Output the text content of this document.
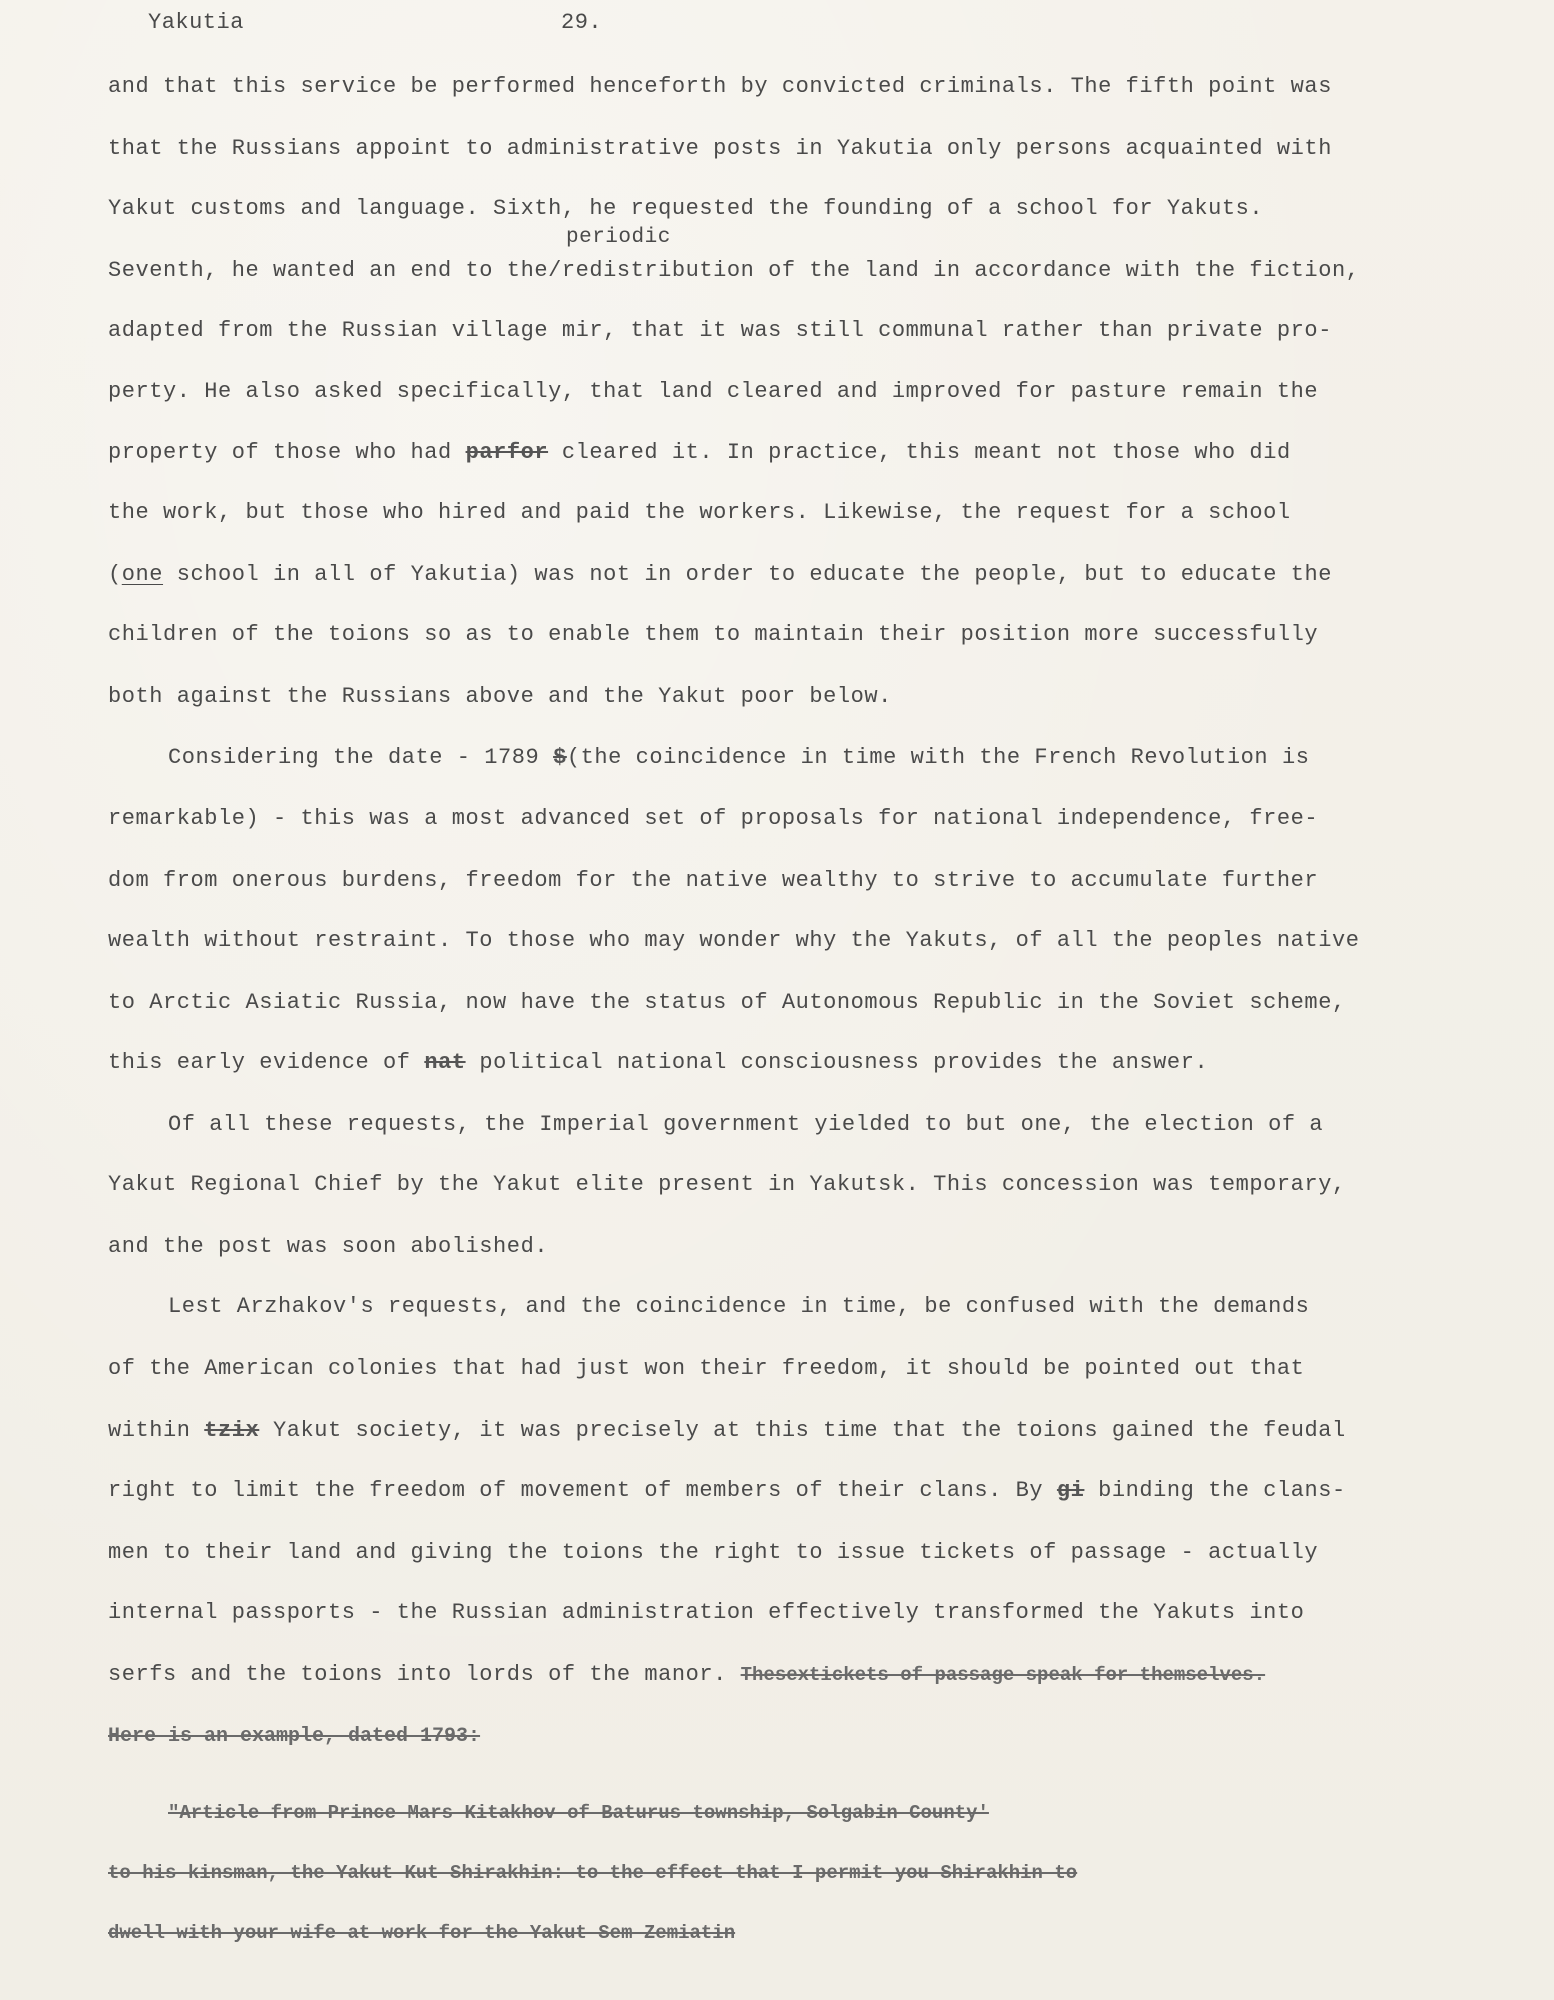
Yakutia	29.
periodic
and that this service be performed henceforth by convicted criminals. The fifth point was
that the Russians appoint to administrative posts in Yakutia only persons acquainted with
Yakut customs and language. Sixth, he requested the founding of a school for Yakuts.
Seventh, he wanted an end to the/redistribution of the land in accordance with the fiction,
adapted from the Russian village mir, that it was still communal rather than private pro-
perty. He also asked specifically, that land cleared and improved for pasture remain the
property of those who had parfor cleared it. In practice, this meant not those who did
the work, but those who hired and paid the workers. Likewise, the request for a school
(one school in all of Yakutia) was not in order to educate the people, but to educate the
children of the toions so as to enable them to maintain their position more successfully
both against the Russians above and the Yakut poor below.
Considering the date - 1789 $(the coincidence in time with the French Revolution is
remarkable) - this was a most advanced set of proposals for national independence, free-
dom from onerous burdens, freedom for the native wealthy to strive to accumulate further
wealth without restraint. To those who may wonder why the Yakuts, of all the peoples native
to Arctic Asiatic Russia, now have the status of Autonomous Republic in the Soviet scheme,
this early evidence of nat political national consciousness provides the answer.
Of all these requests, the Imperial government yielded to but one, the election of a
Yakut Regional Chief by the Yakut elite present in Yakutsk. This concession was temporary,
and the post was soon abolished.
Lest Arzhakov's requests, and the coincidence in time, be confused with the demands
of the American colonies that had just won their freedom, it should be pointed out that
within tzix Yakut society, it was precisely at this time that the toions gained the feudal
right to limit the freedom of movement of members of their clans. By gi binding the clans-
men to their land and giving the toions the right to issue tickets of passage - actually
internal passports - the Russian administration effectively transformed the Yakuts into
serfs and the toions into lords of the manor. Thesextickets of passage speak for themselves.
Here is an example, dated 1793:
"Article from Prince Mars Kitakhov of Baturus township, Solgabin County'
to his kinsman, the Yakut Kut Shirakhin: to the effect that I permit you Shirakhin to
dwell with your wife at work for the Yakut Sem Zemiatin
